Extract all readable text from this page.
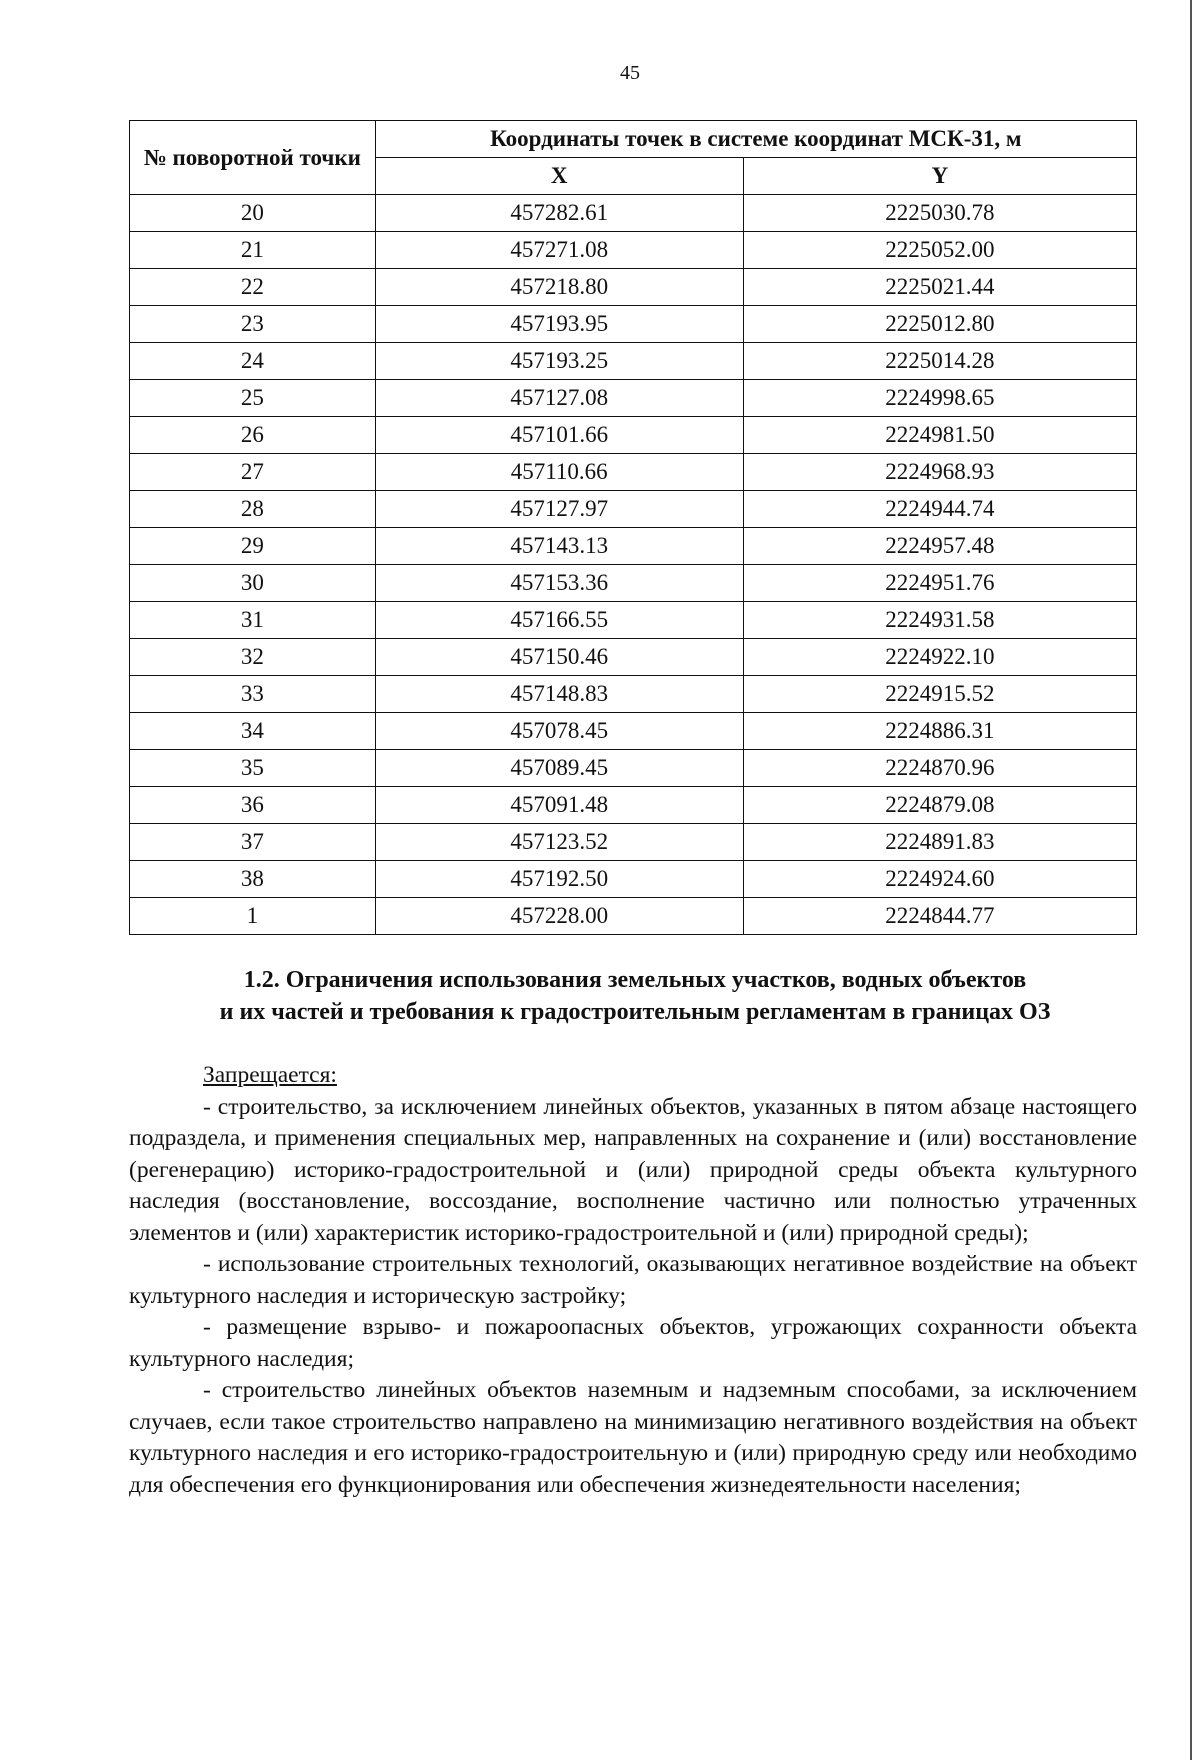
45
№ поворотной точки	Координаты точек в системе координат МСК-31, м	
	X	Y
20	457282.61	2225030.78
21	457271.08	2225052.00
22	457218.80	2225021.44
23	457193.95	2225012.80
24	457193.25	2225014.28
25	457127.08	2224998.65
26	457101.66	2224981.50
27	457110.66	2224968.93
28	457127.97	2224944.74
29	457143.13	2224957.48
30	457153.36	2224951.76
31	457166.55	2224931.58
32	457150.46	2224922.10
33	457148.83	2224915.52
34	457078.45	2224886.31
35	457089.45	2224870.96
36	457091.48	2224879.08
37	457123.52	2224891.83
38	457192.50	2224924.60
1	457228.00	2224844.77
1.2. Ограничения использования земельных участков, водных объектов
и их частей и требования к градостроительным регламентам в границах ОЗ

Запрещается:

- строительство, за исключением линейных объектов, указанных в пятом абзаце настоящего подраздела, и применения специальных мер, направленных на сохранение и (или) восстановление (регенерацию) историко-градостроительной и (или) природной среды объекта культурного наследия (восстановление, воссоздание, восполнение частично или полностью утраченных элементов и (или) характеристик историко-градостроительной и (или) природной среды);

- использование строительных технологий, оказывающих негативное воздействие на объект культурного наследия и историческую застройку;

- размещение взрыво- и пожароопасных объектов, угрожающих сохранности объекта культурного наследия;

- строительство линейных объектов наземным и надземным способами, за исключением случаев, если такое строительство направлено на минимизацию негативного воздействия на объект культурного наследия и его историко-градостроительную и (или) природную среду или необходимо для обеспечения его функционирования или обеспечения жизнедеятельности населения;
